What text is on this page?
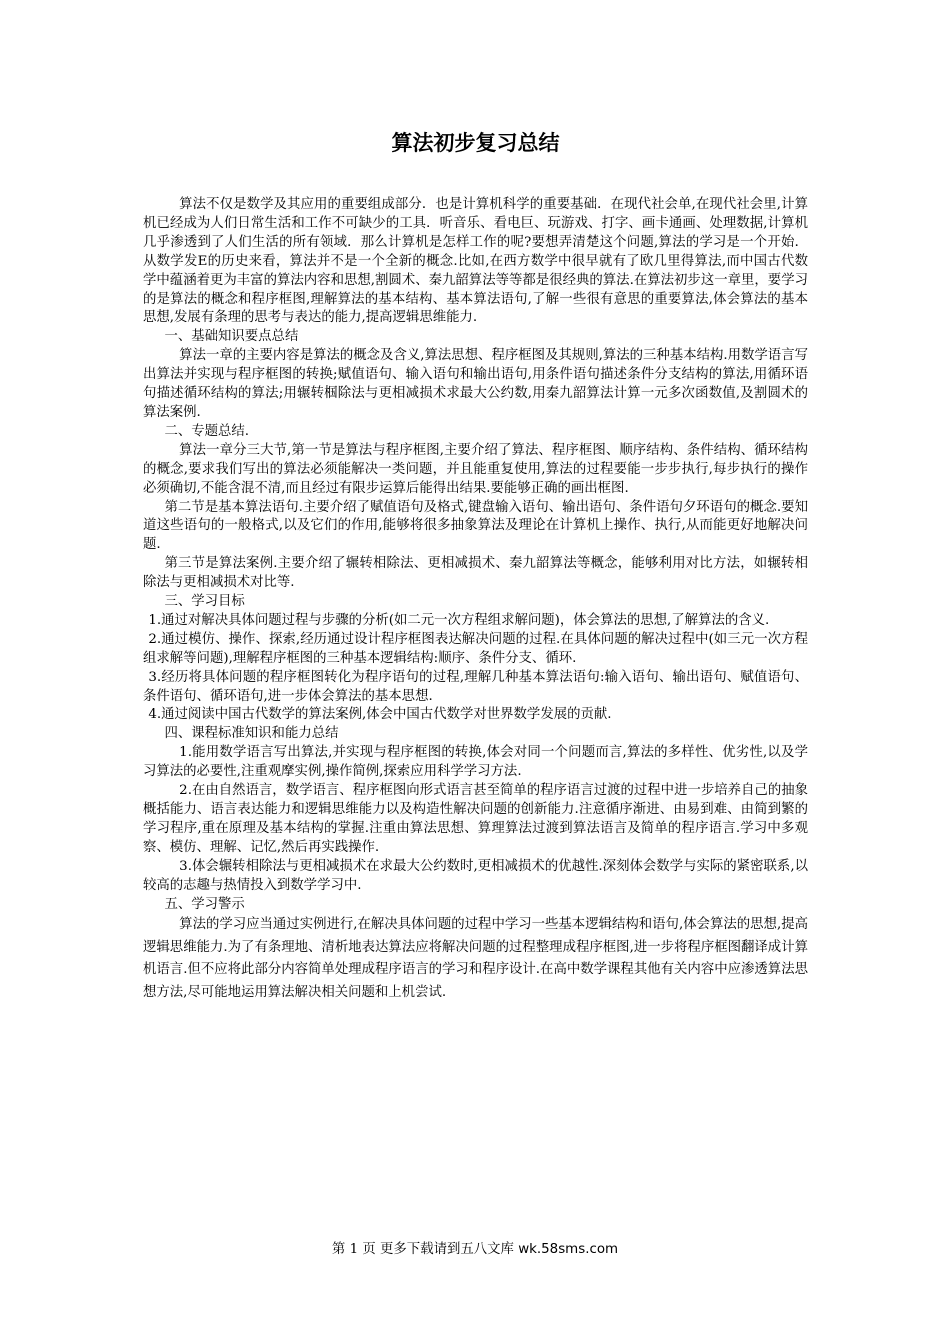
算法初步复习总结

算法不仅是数学及其应用的重要组成部分．也是计算机科学的重要基础．在现代社会单,在现代社会里,计算机已经成为人们日常生活和工作不可缺少的工具．听音乐、看电巨、玩游戏、打字、画卡通画、处理数据,计算机几乎渗透到了人们生活的所有领域．那么计算机是怎样工作的呢?要想弄清楚这个问题,算法的学习是一个开始． 从数学发E的历史来看，算法并不是一个全新的概念.比如,在西方数学中很早就有了欧几里得算法,而中国古代数学中蕴涵着更为丰富的算法内容和思想,割圆术、秦九韶算法等等都是很经典的算法.在算法初步这一章里，要学习的是算法的概念和程序框图,理解算法的基本结构、基本算法语句,了解一些很有意思的重要算法,体会算法的基本思想,发展有条理的思考与表达的能力,提高逻辑思维能力.

一、基础知识要点总结

算法一章的主要内容是算法的概念及含义,算法思想、程序框图及其规则,算法的三种基本结构.用数学语言写出算法并实现与程序框图的转换;赋值语句、输入语句和输出语句,用条件语句描述条件分支结构的算法,用循环语句描述循环结构的算法;用辗转椢除法与更相减损术求最大公约数,用秦九韶算法计算一元多次函数值,及割圆术的算法案例.

二、专题总结.

算法一章分三大节,第一节是算法与程序框图,主要介绍了算法、程序框图、顺序结构、条件结构、循环结构的概念,要求我们写出的算法必须能解决一类问题，并且能重复使用,算法的过程要能一步步执行,每步执行的操作必须确切,不能含混不清,而且经过有限步运算后能得出结果.要能够正确的画出框图.

第二节是基本算法语句.主要介绍了赋值语句及格式,键盘输入语句、输出语句、条件语句夕环语句的概念.要知道这些语句的一般格式,以及它们的作用,能够将很多抽象算法及理论在计算机上操作、执行,从而能更好地解决问题.

第三节是算法案例.主要介绍了辗转相除法、更相减损术、秦九韶算法等概念，能够利用对比方法，如辗转相除法与更相减损术对比等.

三、学习目标

1.通过对解决具体问题过程与步骤的分析(如二元一次方程组求解问题)，体会算法的思想,了解算法的含义.

2.通过模仿、操作、探索,经历通过设计程序框图表达解决问题的过程.在具体问题的解决过程中(如三元一次方程组求解等问题),理解程序框图的三种基本逻辑结构:顺序、条件分支、循环.

3.经历将具体问题的程序框图转化为程序语句的过程,理解几种基本算法语句:输入语句、输出语句、赋值语句、条件语句、循环语句,进一步体会算法的基本思想.

4.通过阅读中国古代数学的算法案例,体会中国古代数学对世界数学发展的贡献.

四、课程标准知识和能力总结

1.能用数学语言写出算法,并实现与程序框图的转换,体会对同一个问题而言,算法的多样性、优劣性,以及学习算法的必要性,注重观摩实例,操作简例,探索应用科学学习方法.

2.在由自然语言，数学语言、程序框图向形式语言甚至简单的程序语言过渡的过程中进一步培养自己的抽象概括能力、语言表达能力和逻辑思维能力以及构造性解决问题的创新能力.注意循序渐进、由易到难、由简到繁的学习程序,重在原理及基本结构的掌握.注重由算法思想、算理算法过渡到算法语言及简单的程序语言.学习中多观察、模仿、理解、记忆,然后再实践操作.

3.体会辗转相除法与更相减损术在求最大公约数时,更相减损术的优越性.深刻体会数学与实际的紧密联系,以较高的志趣与热情投入到数学学习中.

五、学习警示

算法的学习应当通过实例进行,在解决具体问题的过程中学习一些基本逻辑结构和语句,体会算法的思想,提高逻辑思维能力.为了有条理地、清析地表达算法应将解决问题的过程整理成程序框图,进一步将程序框图翻译成计算机语言.但不应将此部分内容简单处理成程序语言的学习和程序设计.在高中数学课程其他有关内容中应渗透算法思想方法,尽可能地运用算法解决相关问题和上机尝试.

第 1 页 更多下载请到五八文库 wk.58sms.com
